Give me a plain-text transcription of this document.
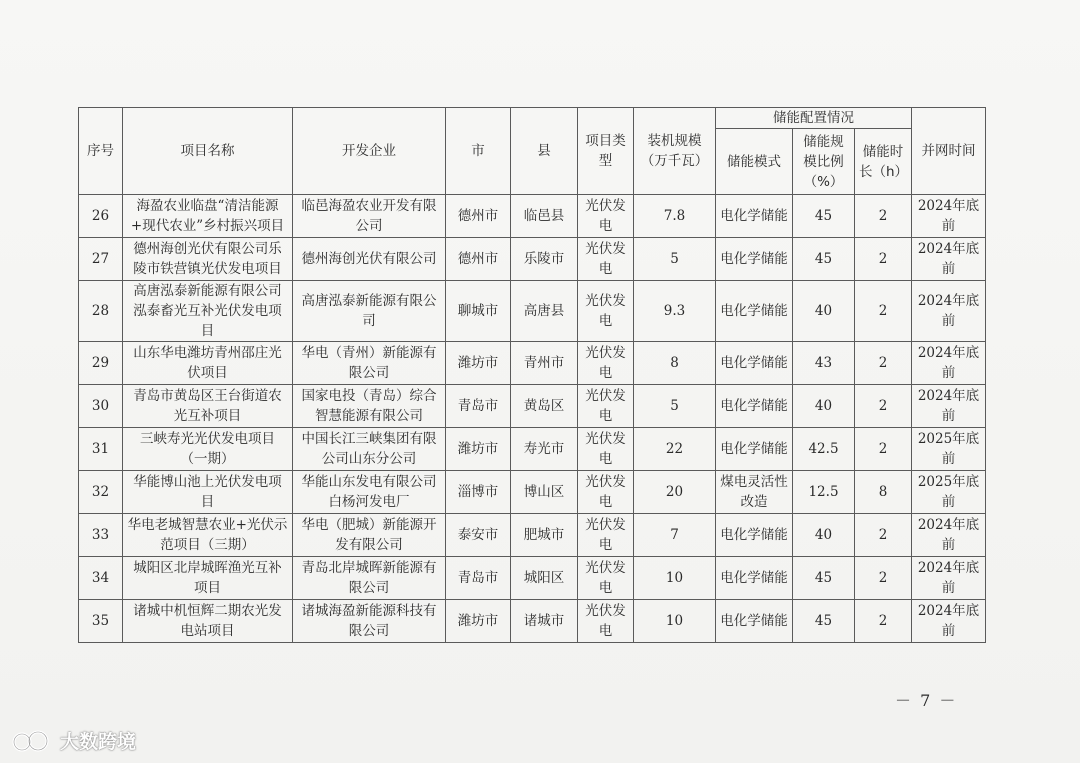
序号	项目名称	开发企业	市	县	项目类型	装机规模（万千瓦）	储能配置情况			并网时间
							储能模式	储能规模比例（%）	储能时长（h）	
26	海盈农业临盘“清洁能源+现代农业”乡村振兴项目	临邑海盈农业开发有限公司	德州市	临邑县	光伏发电	7.8	电化学储能	45	2	2024年底前
27	德州海创光伏有限公司乐陵市铁营镇光伏发电项目	德州海创光伏有限公司	德州市	乐陵市	光伏发电	5	电化学储能	45	2	2024年底前
28	高唐泓泰新能源有限公司泓泰畜光互补光伏发电项目	高唐泓泰新能源有限公司	聊城市	高唐县	光伏发电	9.3	电化学储能	40	2	2024年底前
29	山东华电潍坊青州邵庄光伏项目	华电（青州）新能源有限公司	潍坊市	青州市	光伏发电	8	电化学储能	43	2	2024年底前
30	青岛市黄岛区王台街道农光互补项目	国家电投（青岛）综合智慧能源有限公司	青岛市	黄岛区	光伏发电	5	电化学储能	40	2	2024年底前
31	三峡寿光光伏发电项目（一期）	中国长江三峡集团有限公司山东分公司	潍坊市	寿光市	光伏发电	22	电化学储能	42.5	2	2025年底前
32	华能博山池上光伏发电项目	华能山东发电有限公司白杨河发电厂	淄博市	博山区	光伏发电	20	煤电灵活性改造	12.5	8	2025年底前
33	华电老城智慧农业+光伏示范项目（三期）	华电（肥城）新能源开发有限公司	泰安市	肥城市	光伏发电	7	电化学储能	40	2	2024年底前
34	城阳区北岸城晖渔光互补项目	青岛北岸城晖新能源有限公司	青岛市	城阳区	光伏发电	10	电化学储能	45	2	2024年底前
35	诸城中机恒辉二期农光发电站项目	诸城海盈新能源科技有限公司	潍坊市	诸城市	光伏发电	10	电化学储能	45	2	2024年底前
－ 7 －
大数跨境
